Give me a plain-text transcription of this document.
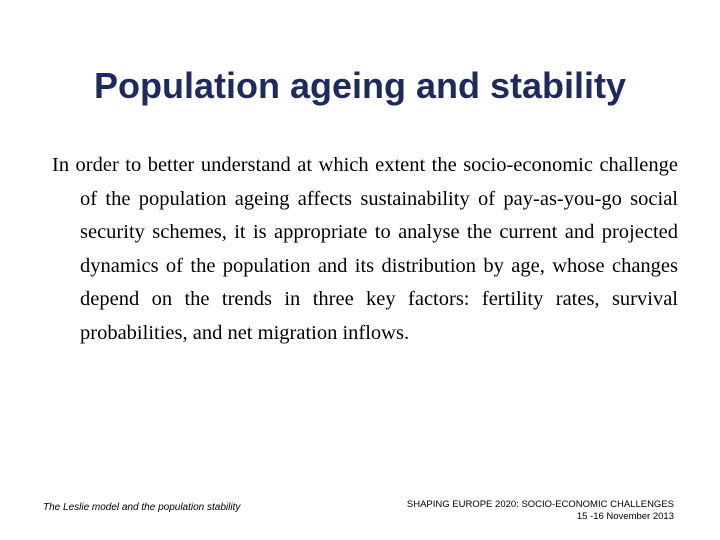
Population ageing and stability

In order to better understand at which extent the socio-economic challenge of the population ageing affects sustainability of pay-as-you-go social security schemes, it is appropriate to analyse the current and projected dynamics of the population and its distribution by age, whose changes depend on the trends in three key factors: fertility rates, survival probabilities, and net migration inflows.

The Leslie model and the population stability	SHAPING EUROPE 2020: SOCIO-ECONOMIC CHALLENGES
15 -16 November 2013
